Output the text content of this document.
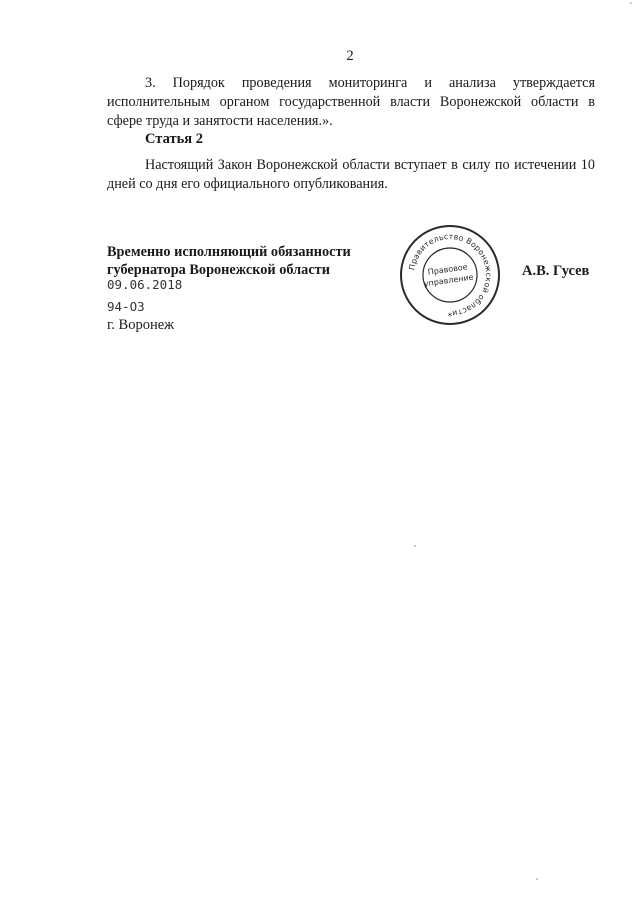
2

3. Порядок проведения мониторинга и анализа утверждается исполнительным органом государственной власти Воронежской области в сфере труда и занятости населения.».

Статья 2

Настоящий Закон Воронежской области вступает в силу по истечении 10 дней со дня его официального опубликования.

Временно исполняющий обязанности
губернатора Воронежской области
09.06.2018
94-ОЗ
г. Воронеж
А.В. Гусев
Правительство Воронежской области
Правовое
управление
*
